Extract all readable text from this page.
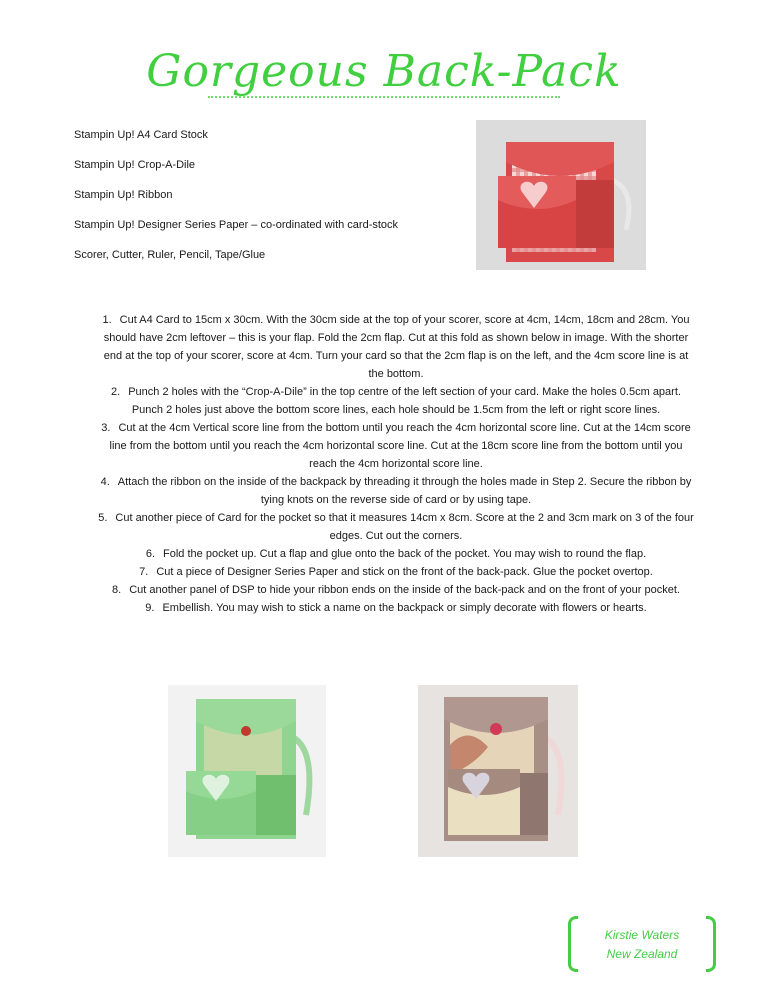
Gorgeous Back-Pack
Stampin Up! A4 Card Stock
Stampin Up! Crop-A-Dile
Stampin Up! Ribbon
Stampin Up! Designer Series Paper – co-ordinated with card-stock
Scorer, Cutter, Ruler, Pencil, Tape/Glue
1. Cut A4 Card to 15cm x 30cm. With the 30cm side at the top of your scorer, score at 4cm, 14cm, 18cm and 28cm. You should have 2cm leftover – this is your flap. Fold the 2cm flap. Cut at this fold as shown below in image. With the shorter end at the top of your scorer, score at 4cm. Turn your card so that the 2cm flap is on the left, and the 4cm score line is at the bottom.
2. Punch 2 holes with the “Crop-A-Dile” in the top centre of the left section of your card. Make the holes 0.5cm apart. Punch 2 holes just above the bottom score lines, each hole should be 1.5cm from the left or right score lines.
3. Cut at the 4cm Vertical score line from the bottom until you reach the 4cm horizontal score line. Cut at the 14cm score line from the bottom until you reach the 4cm horizontal score line. Cut at the 18cm score line from the bottom until you reach the 4cm horizontal score line.
4. Attach the ribbon on the inside of the backpack by threading it through the holes made in Step 2. Secure the ribbon by tying knots on the reverse side of card or by using tape.
5. Cut another piece of Card for the pocket so that it measures 14cm x 8cm. Score at the 2 and 3cm mark on 3 of the four edges. Cut out the corners.
6. Fold the pocket up. Cut a flap and glue onto the back of the pocket. You may wish to round the flap.
7. Cut a piece of Designer Series Paper and stick on the front of the back-pack. Glue the pocket overtop.
8. Cut another panel of DSP to hide your ribbon ends on the inside of the back-pack and on the front of your pocket.
9. Embellish. You may wish to stick a name on the backpack or simply decorate with flowers or hearts.
Kirstie Waters
New Zealand
